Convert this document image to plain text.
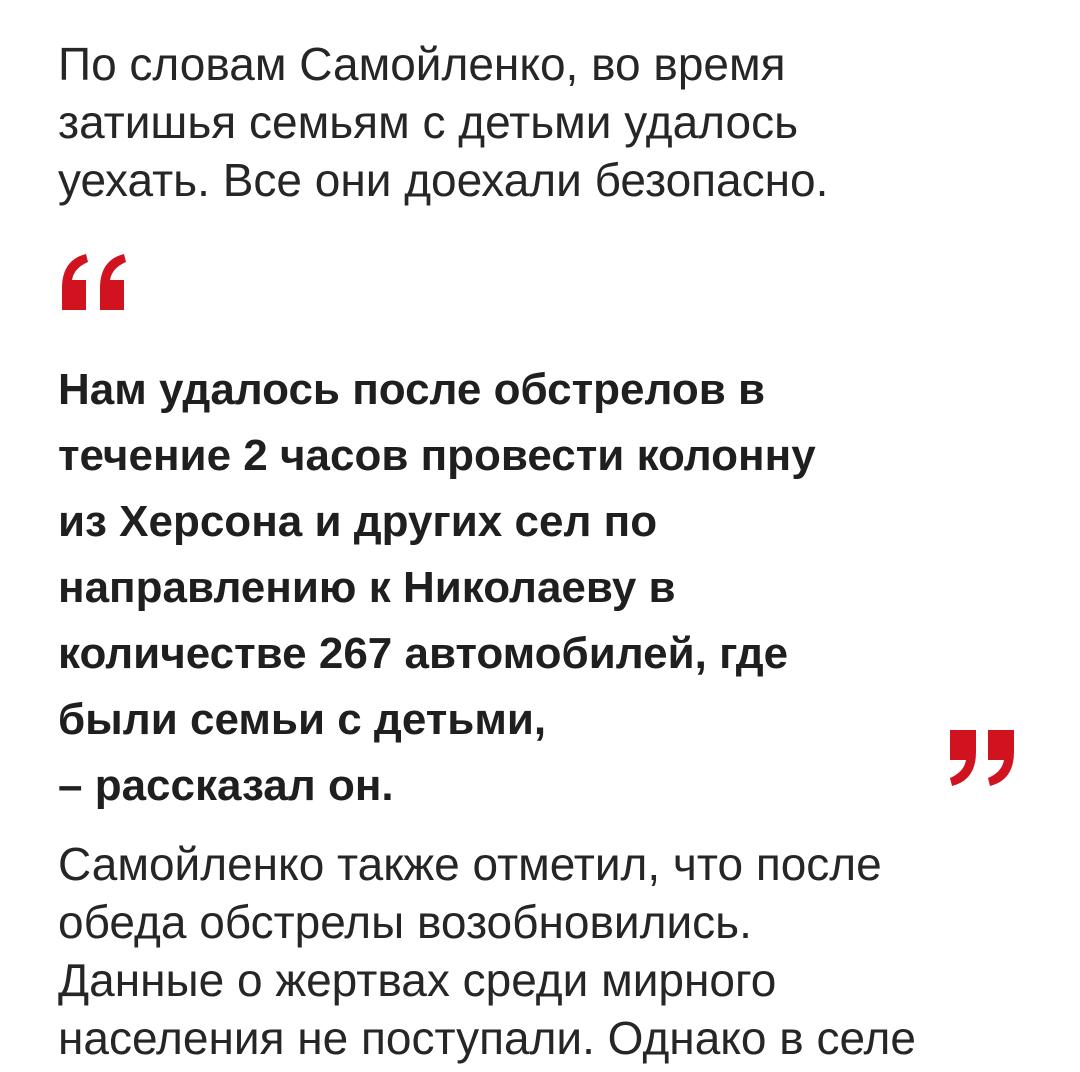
По словам Самойленко, во время
затишья семьям с детьми удалось
уехать. Все они доехали безопасно.

Нам удалось после обстрелов в
течение 2 часов провести колонну
из Херсона и других сел по
направлению к Николаеву в
количестве 267 автомобилей, где
были семьи с детьми,
– рассказал он.

Самойленко также отметил, что после
обеда обстрелы возобновились.
Данные о жертвах среди мирного
населения не поступали. Однако в селе
